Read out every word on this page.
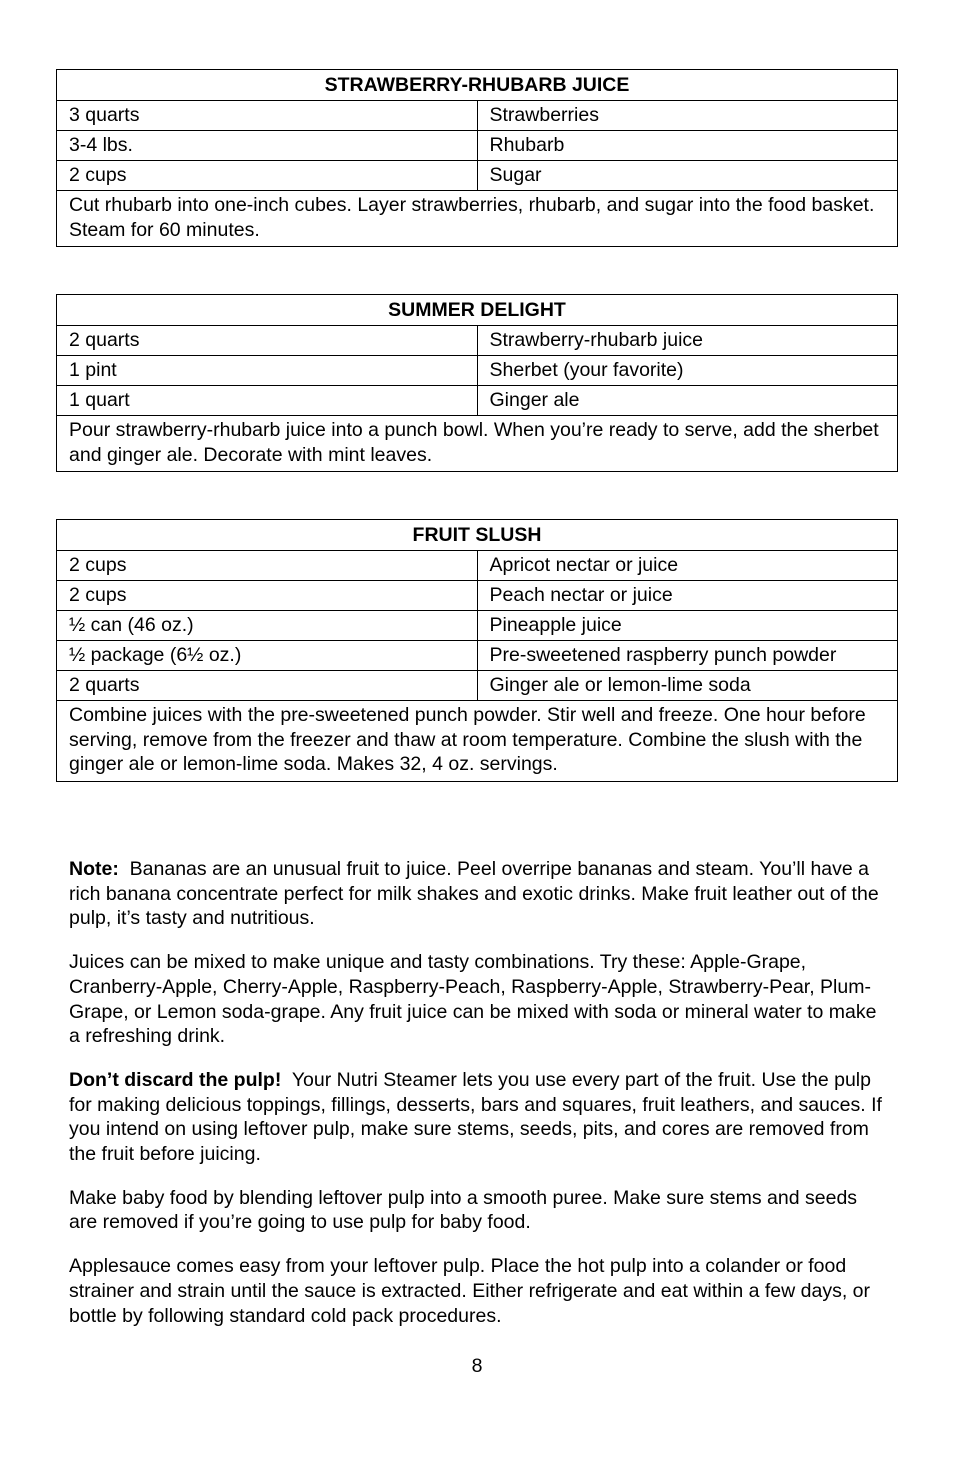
STRAWBERRY-RHUBARB JUICE	
3 quarts	Strawberries
3-4 lbs.	Rhubarb
2 cups	Sugar
Cut rhubarb into one-inch cubes. Layer strawberries, rhubarb, and sugar into the food basket. Steam for 60 minutes.	
SUMMER DELIGHT	
2 quarts	Strawberry-rhubarb juice
1 pint	Sherbet (your favorite)
1 quart	Ginger ale
Pour strawberry-rhubarb juice into a punch bowl. When you’re ready to serve, add the sherbet and ginger ale. Decorate with mint leaves.	
FRUIT SLUSH	
2 cups	Apricot nectar or juice
2 cups	Peach nectar or juice
½ can (46 oz.)	Pineapple juice
½ package (6½ oz.)	Pre-sweetened raspberry punch powder
2 quarts	Ginger ale or lemon-lime soda
Combine juices with the pre-sweetened punch powder. Stir well and freeze. One hour before serving, remove from the freezer and thaw at room temperature. Combine the slush with the ginger ale or lemon-lime soda. Makes 32, 4 oz. servings.	

Note: Bananas are an unusual fruit to juice. Peel overripe bananas and steam. You’ll have a rich banana concentrate perfect for milk shakes and exotic drinks. Make fruit leather out of the pulp, it’s tasty and nutritious.

Juices can be mixed to make unique and tasty combinations. Try these: Apple-Grape, Cranberry-Apple, Cherry-Apple, Raspberry-Peach, Raspberry-Apple, Strawberry-Pear, Plum-Grape, or Lemon soda-grape. Any fruit juice can be mixed with soda or mineral water to make a refreshing drink.

Don’t discard the pulp! Your Nutri Steamer lets you use every part of the fruit. Use the pulp for making delicious toppings, fillings, desserts, bars and squares, fruit leathers, and sauces. If you intend on using leftover pulp, make sure stems, seeds, pits, and cores are removed from the fruit before juicing.

Make baby food by blending leftover pulp into a smooth puree. Make sure stems and seeds are removed if you’re going to use pulp for baby food.

Applesauce comes easy from your leftover pulp. Place the hot pulp into a colander or food strainer and strain until the sauce is extracted. Either refrigerate and eat within a few days, or bottle by following standard cold pack procedures.

8
